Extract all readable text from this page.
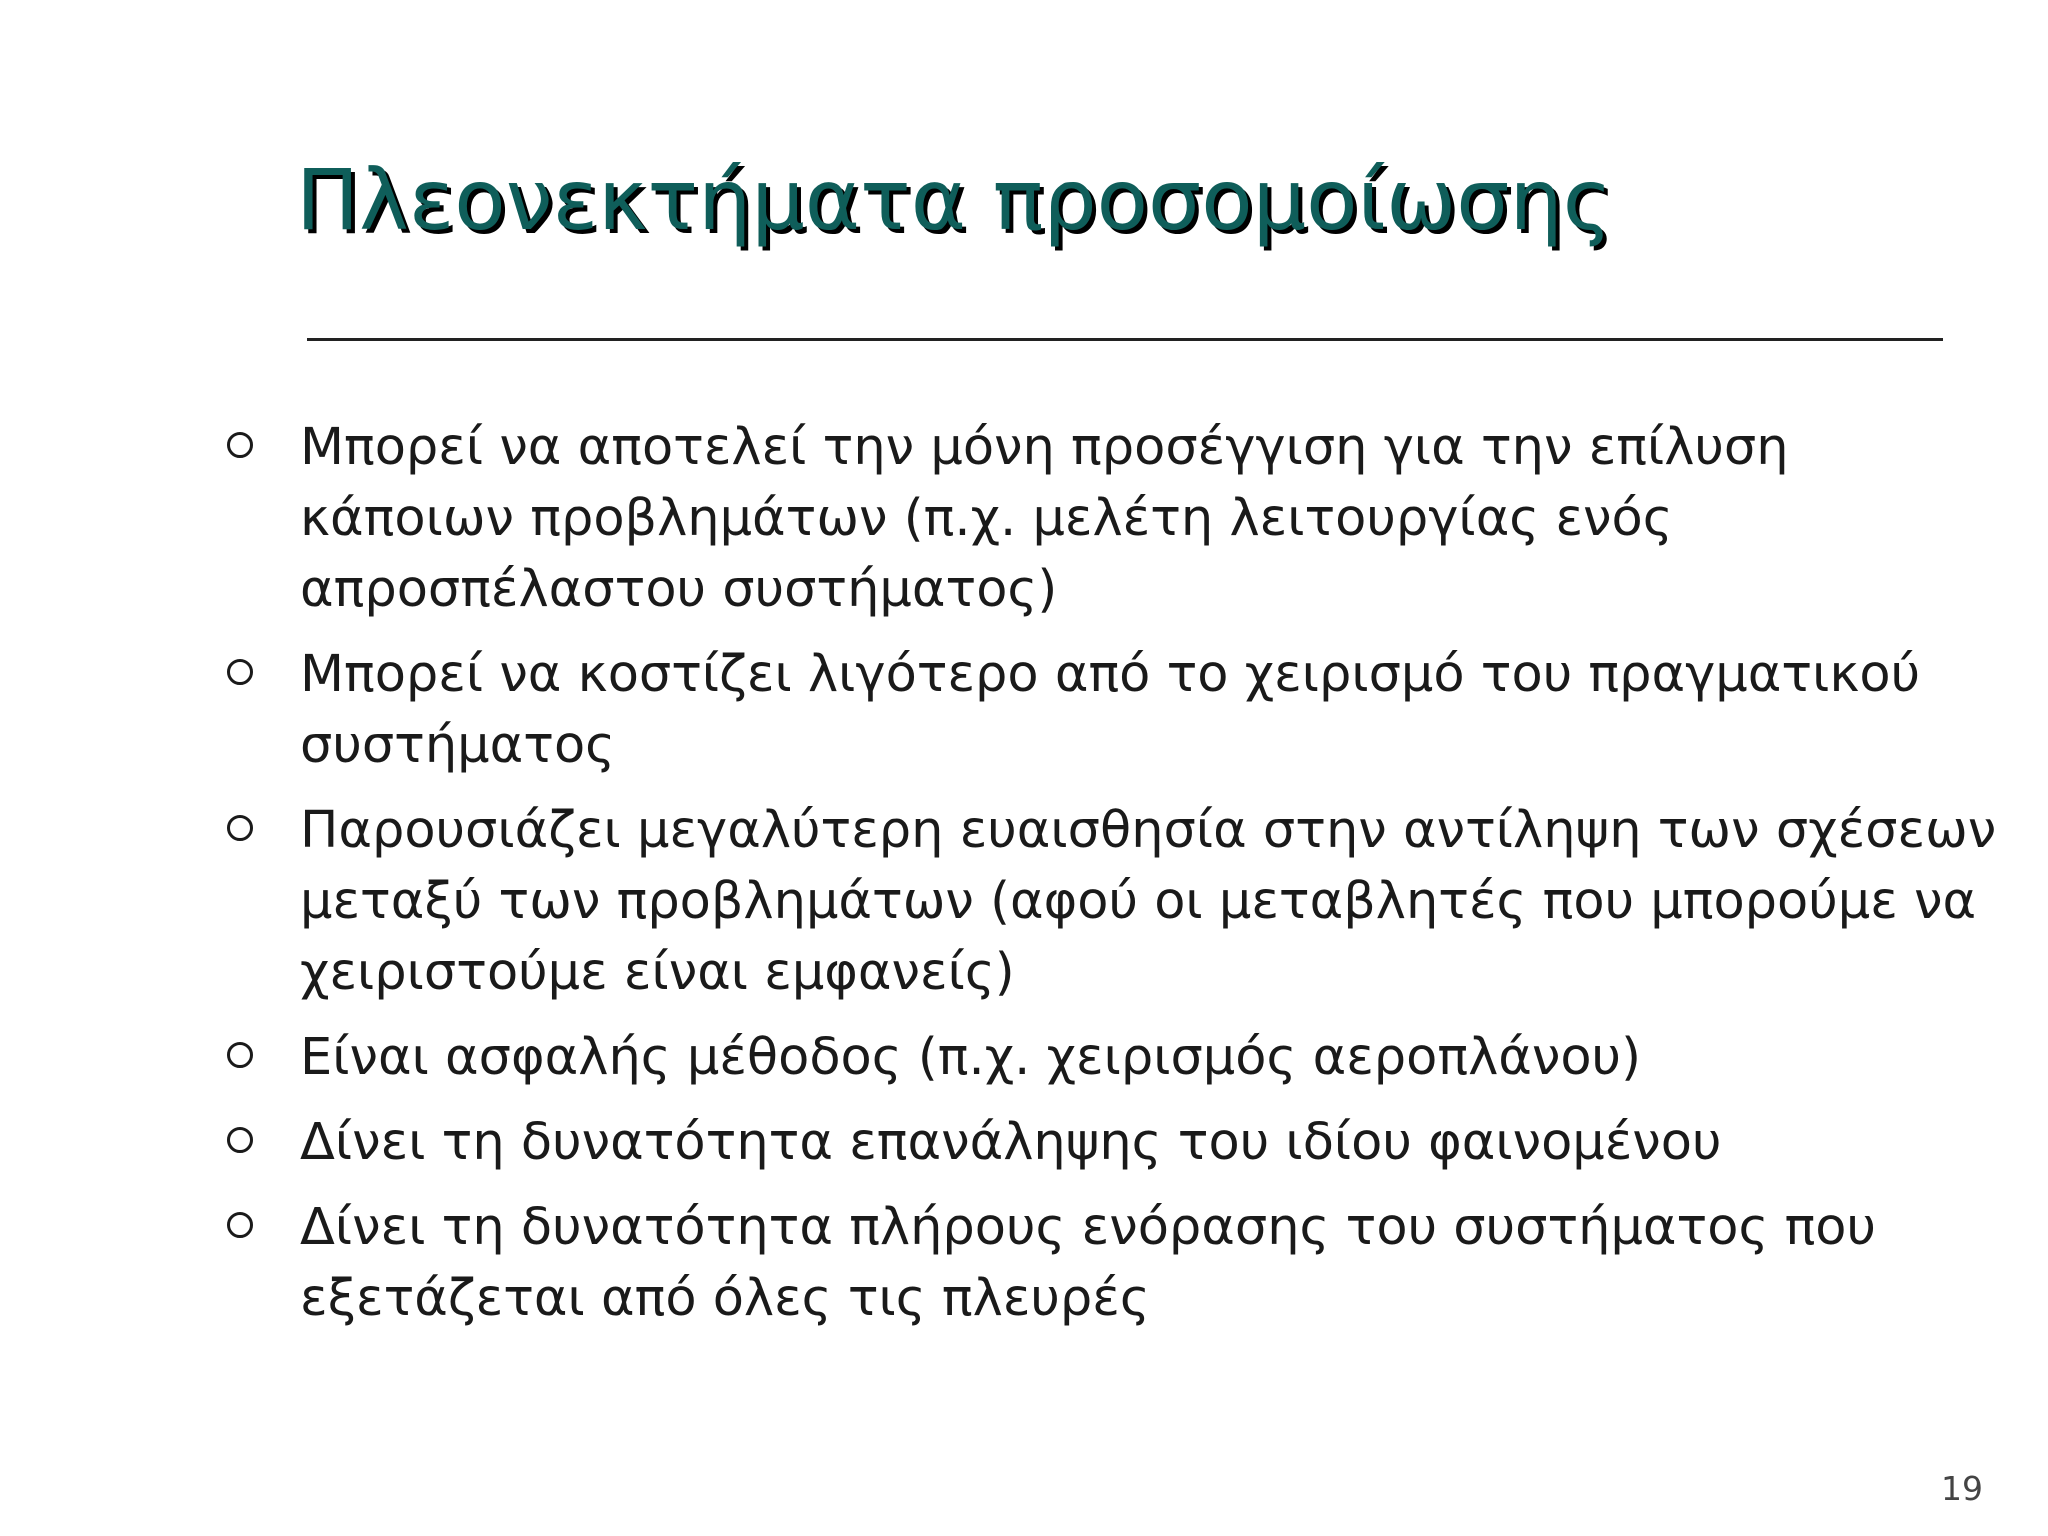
Πλεονεκτήματα προσομοίωσης
Μπορεί να αποτελεί την μόνη προσέγγιση για την επίλυση κάποιων προβλημάτων (π.χ. μελέτη λειτουργίας ενός απροσπέλαστου συστήματος)
Μπορεί να κοστίζει λιγότερο από το χειρισμό του πραγματικού συστήματος
Παρουσιάζει μεγαλύτερη ευαισθησία στην αντίληψη των σχέσεων μεταξύ των προβλημάτων (αφού οι μεταβλητές που μπορούμε να χειριστούμε είναι εμφανείς)
Είναι ασφαλής μέθοδος (π.χ. χειρισμός αεροπλάνου)
Δίνει τη δυνατότητα επανάληψης του ιδίου φαινομένου
Δίνει τη δυνατότητα πλήρους ενόρασης του συστήματος που εξετάζεται από όλες τις πλευρές
19
